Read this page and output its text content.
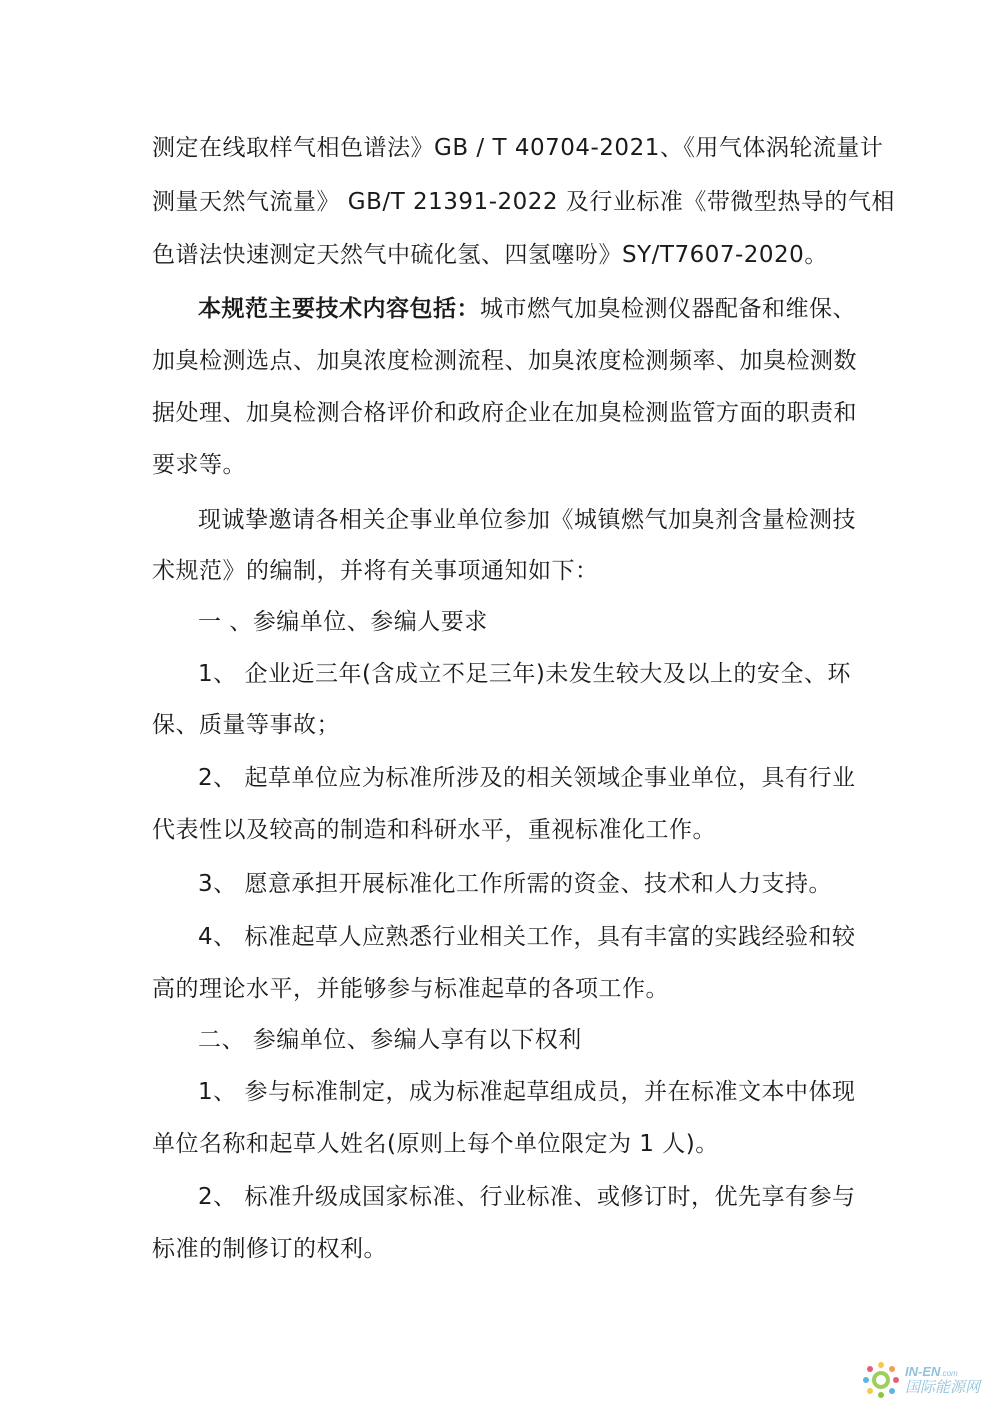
测定在线取样气相色谱法》GB / T 40704-2021、《用气体涡轮流量计
测量天然气流量》 GB/T 21391-2022 及行业标准《带微型热导的气相
色谱法快速测定天然气中硫化氢、四氢噻吩》SY/T7607-2020。
本规范主要技术内容包括：城市燃气加臭检测仪器配备和维保、
加臭检测选点、加臭浓度检测流程、加臭浓度检测频率、加臭检测数
据处理、加臭检测合格评价和政府企业在加臭检测监管方面的职责和
要求等。
现诚挚邀请各相关企事业单位参加《城镇燃气加臭剂含量检测技
术规范》的编制，并将有关事项通知如下：
一 、参编单位、参编人要求
1、 企业近三年(含成立不足三年)未发生较大及以上的安全、环
保、质量等事故；
2、 起草单位应为标准所涉及的相关领域企事业单位，具有行业
代表性以及较高的制造和科研水平，重视标准化工作。
3、 愿意承担开展标准化工作所需的资金、技术和人力支持。
4、 标准起草人应熟悉行业相关工作，具有丰富的实践经验和较
高的理论水平，并能够参与标准起草的各项工作。
二、 参编单位、参编人享有以下权利
1、 参与标准制定，成为标准起草组成员，并在标准文本中体现
单位名称和起草人姓名(原则上每个单位限定为 1 人)。
2、 标准升级成国家标准、行业标准、或修订时，优先享有参与
标准的制修订的权利。
IN-EN.com
国际能源网
